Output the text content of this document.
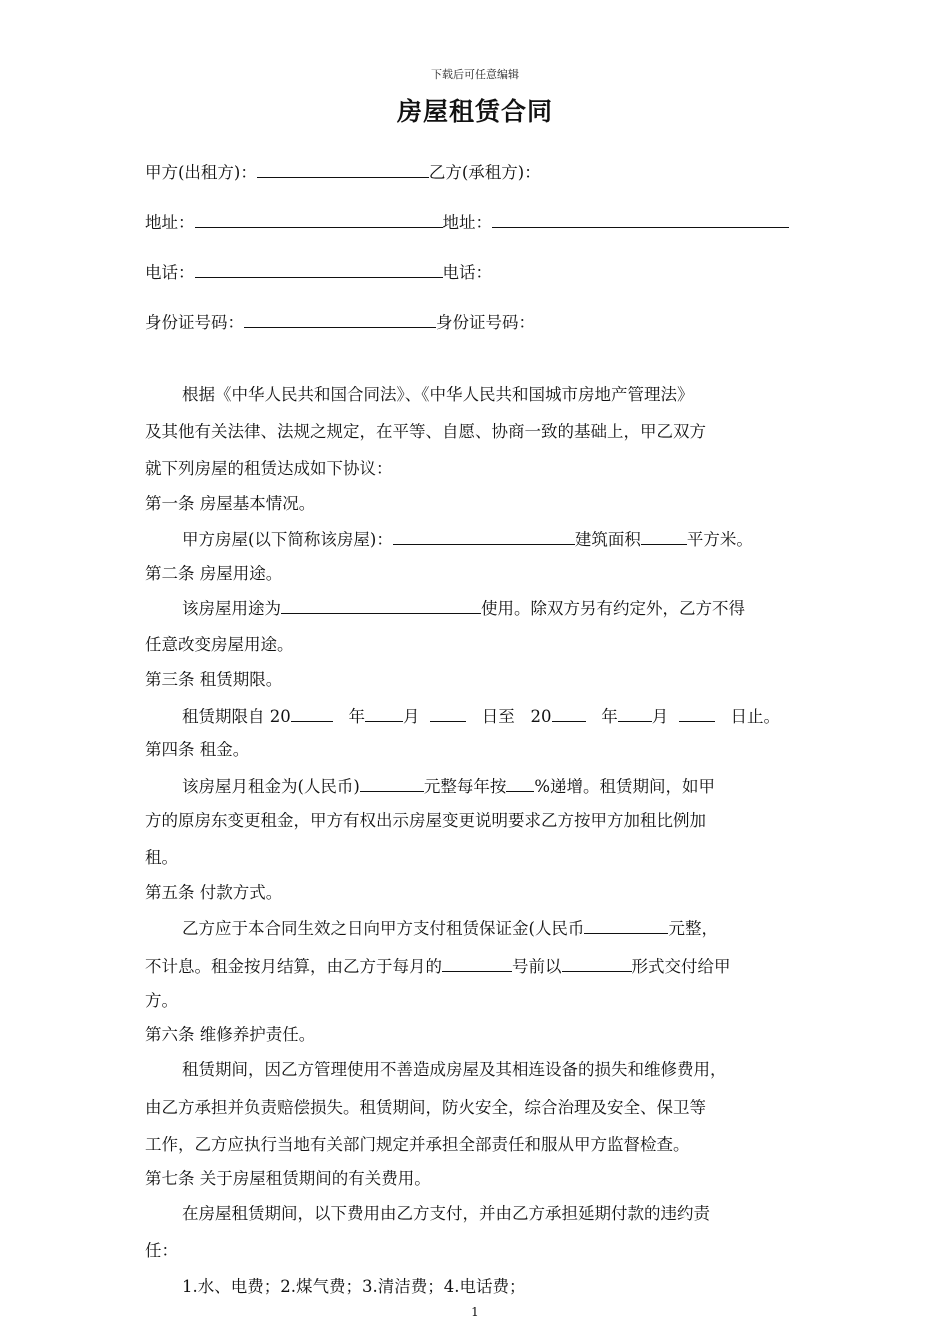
下载后可任意编辑
房屋租赁合同
甲方(出租方)：	乙方(承租方)：
地址：	地址：
电话：	电话：
身份证号码：	身份证号码：
根据《中华人民共和国合同法》、《中华人民共和国城市房地产管理法》
及其他有关法律、法规之规定，在平等、自愿、协商一致的基础上，甲乙双方
就下列房屋的租赁达成如下协议：
第一条 房屋基本情况。
甲方房屋(以下简称该房屋)：	建筑面积	平方米。
第二条 房屋用途。
该房屋用途为	使用。除双方另有约定外，乙方不得
任意改变房屋用途。
第三条 租赁期限。
租赁期限自 20	年 月	日至 20	年 月	日止。
第四条 租金。
该房屋月租金为(人民币)	元整每年按 %递增。租赁期间，如甲
方的原房东变更租金，甲方有权出示房屋变更说明要求乙方按甲方加租比例加
租。
第五条 付款方式。
乙方应于本合同生效之日向甲方支付租赁保证金(人民币	元整，
不计息。租金按月结算，由乙方于每月的	号前以	形式交付给甲
方。
第六条 维修养护责任。
租赁期间，因乙方管理使用不善造成房屋及其相连设备的损失和维修费用，
由乙方承担并负责赔偿损失。租赁期间，防火安全，综合治理及安全、保卫等
工作，乙方应执行当地有关部门规定并承担全部责任和服从甲方监督检查。
第七条 关于房屋租赁期间的有关费用。
在房屋租赁期间，以下费用由乙方支付，并由乙方承担延期付款的违约责
任：
1.水、电费；2.煤气费；3.清洁费；4.电话费；
1
